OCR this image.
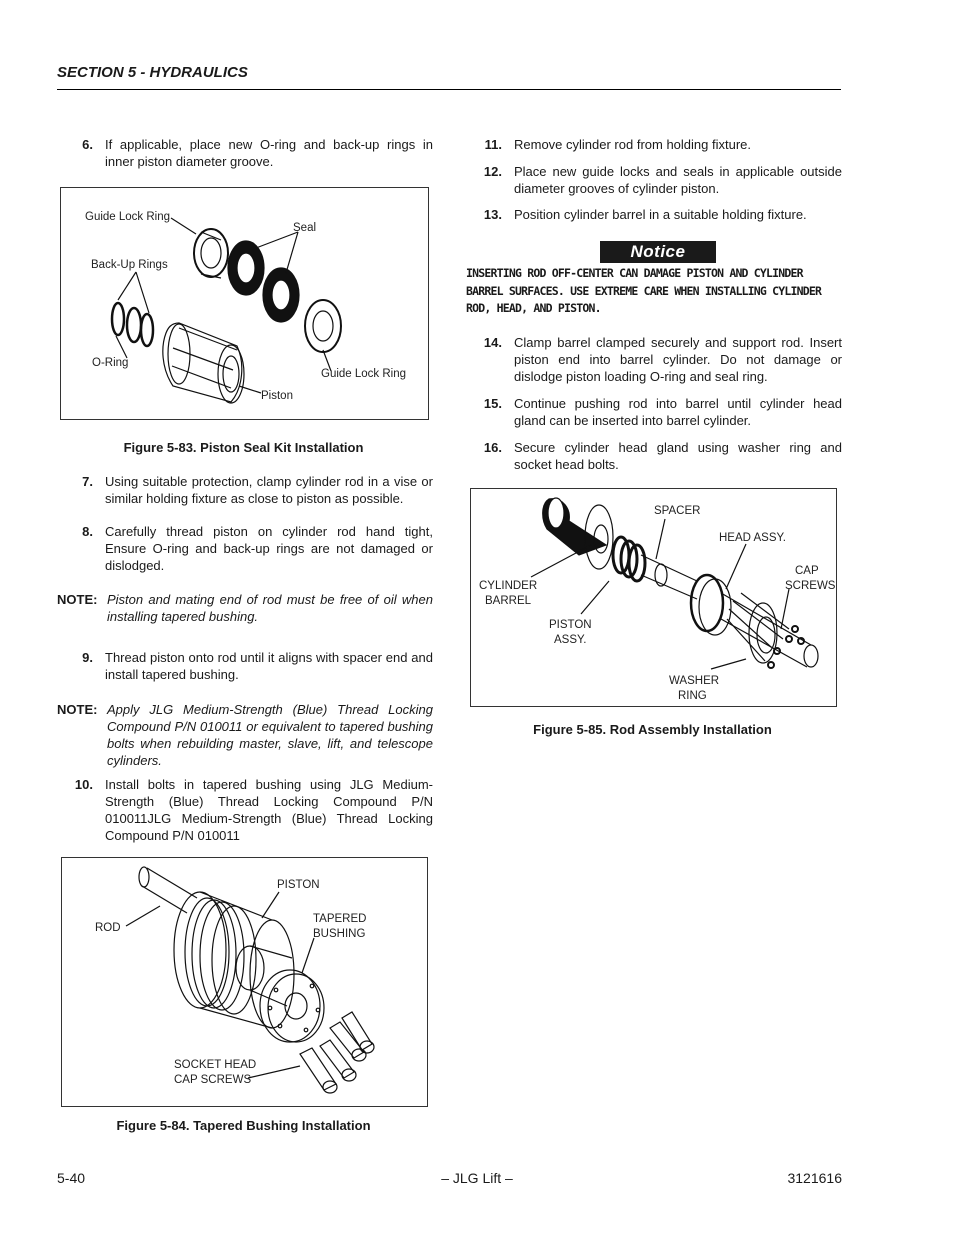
SECTION 5 - HYDRAULICS
6. If applicable, place new O-ring and back-up rings in inner piston diameter groove.
Guide Lock Ring
Seal
Back-Up Rings
O-Ring
Guide Lock Ring
Piston
Figure 5-83. Piston Seal Kit Installation
7. Using suitable protection, clamp cylinder rod in a vise or similar holding fixture as close to piston as possible.
8. Carefully thread piston on cylinder rod hand tight, Ensure O-ring and back-up rings are not damaged or dislodged.
NOTE: Piston and mating end of rod must be free of oil when installing tapered bushing.
9. Thread piston onto rod until it aligns with spacer end and install tapered bushing.
NOTE: Apply JLG Medium-Strength (Blue) Thread Locking Compound P/N 010011 or equivalent to tapered bushing bolts when rebuilding master, slave, lift, and telescope cylinders.
10. Install bolts in tapered bushing using JLG Medium-Strength (Blue) Thread Locking Compound P/N 010011JLG Medium-Strength (Blue) Thread Locking Compound P/N 010011
PISTON
ROD
TAPERED
BUSHING
SOCKET HEAD
CAP SCREWS
Figure 5-84. Tapered Bushing Installation
11. Remove cylinder rod from holding fixture.
12. Place new guide locks and seals in applicable outside diameter grooves of cylinder piston.
13. Position cylinder barrel in a suitable holding fixture.
Notice
INSERTING ROD OFF-CENTER CAN DAMAGE PISTON AND CYLINDER BARREL SURFACES. USE EXTREME CARE WHEN INSTALLING CYLINDER ROD, HEAD, AND PISTON.
14. Clamp barrel clamped securely and support rod. Insert piston end into barrel cylinder. Do not damage or dislodge piston loading O-ring and seal ring.
15. Continue pushing rod into barrel until cylinder head gland can be inserted into barrel cylinder.
16. Secure cylinder head gland using washer ring and socket head bolts.
SPACER
HEAD ASSY.
CAP
SCREWS
CYLINDER
BARREL
PISTON
ASSY.
WASHER
RING
Figure 5-85. Rod Assembly Installation
5-40	– JLG Lift –	3121616
